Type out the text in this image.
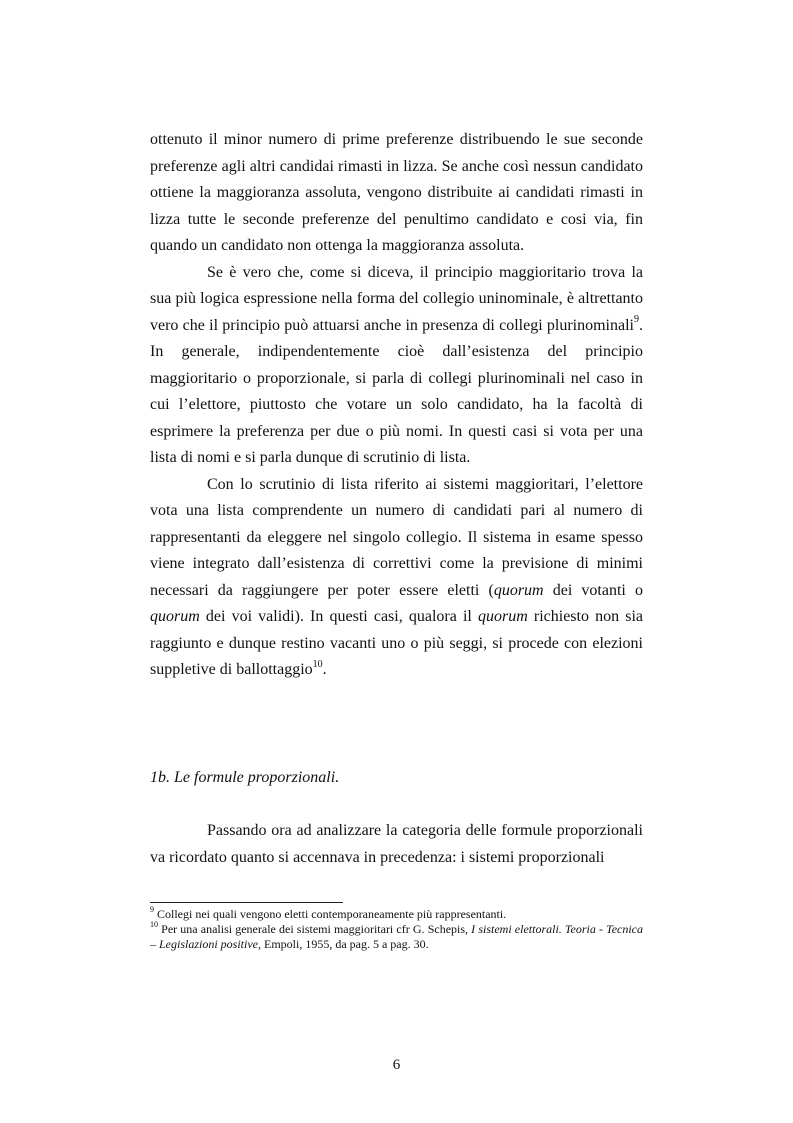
ottenuto il minor numero di prime preferenze distribuendo le sue seconde preferenze agli altri candidai rimasti in lizza. Se anche così nessun candidato ottiene la maggioranza assoluta, vengono distribuite ai candidati rimasti in lizza tutte le seconde preferenze del penultimo candidato e cosi via, fin quando un candidato non ottenga la maggioranza assoluta.

Se è vero che, come si diceva, il principio maggioritario trova la sua più logica espressione nella forma del collegio uninominale, è altrettanto vero che il principio può attuarsi anche in presenza di collegi plurinominali$^9$. In generale, indipendentemente cioè dall’esistenza del principio maggioritario o proporzionale, si parla di collegi plurinominali nel caso in cui l’elettore, piuttosto che votare un solo candidato, ha la facoltà di esprimere la preferenza per due o più nomi. In questi casi si vota per una lista di nomi e si parla dunque di scrutinio di lista.

Con lo scrutinio di lista riferito ai sistemi maggioritari, l’elettore vota una lista comprendente un numero di candidati pari al numero di rappresentanti da eleggere nel singolo collegio. Il sistema in esame spesso viene integrato dall’esistenza di correttivi come la previsione di minimi necessari da raggiungere per poter essere eletti (quorum dei votanti o quorum dei voi validi). In questi casi, qualora il quorum richiesto non sia raggiunto e dunque restino vacanti uno o più seggi, si procede con elezioni suppletive di ballottaggio$^{10}$.

1b. Le formule proporzionali.

Passando ora ad analizzare la categoria delle formule proporzionali va ricordato quanto si accennava in precedenza: i sistemi proporzionali

$^9$ Collegi nei quali vengono eletti contemporaneamente più rappresentanti.

$^{10}$ Per una analisi generale dei sistemi maggioritari cfr G. Schepis, I sistemi elettorali. Teoria - Tecnica – Legislazioni positive, Empoli, 1955, da pag. 5 a pag. 30.

6
